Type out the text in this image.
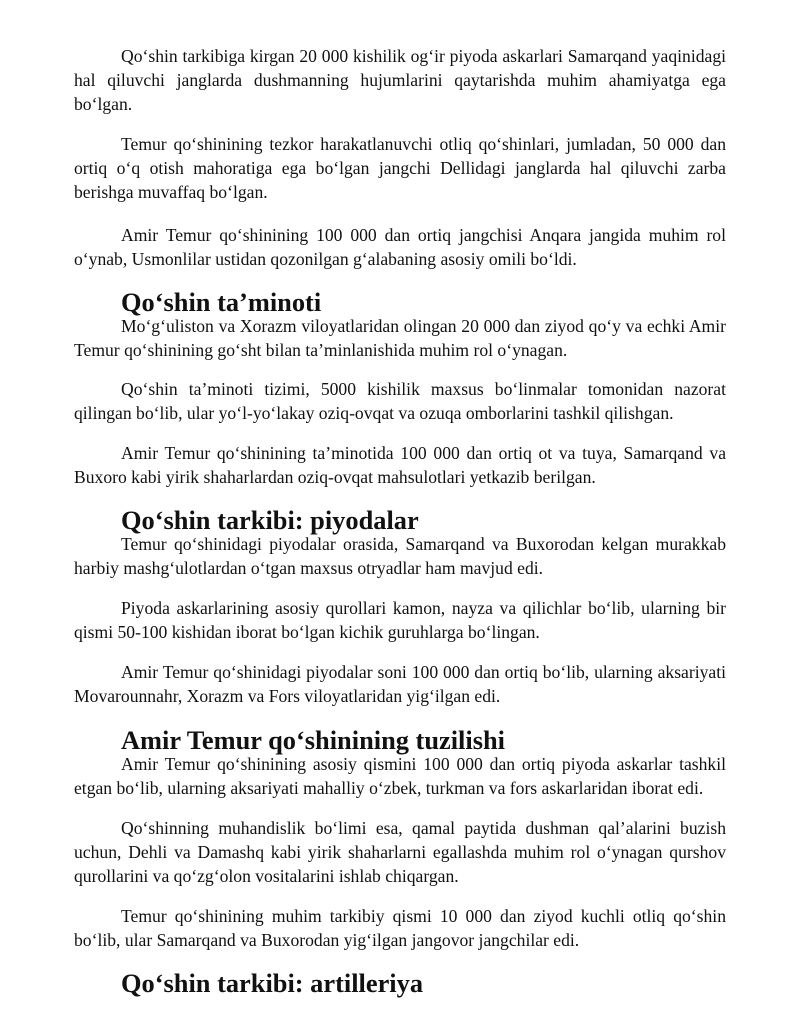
Qo‘shin tarkibiga kirgan 20 000 kishilik og‘ir piyoda askarlari Samarqand yaqinidagi hal qiluvchi janglarda dushmanning hujumlarini qaytarishda muhim ahamiyatga ega bo‘lgan.

Temur qo‘shinining tezkor harakatlanuvchi otliq qo‘shinlari, jumladan, 50 000 dan ortiq o‘q otish mahoratiga ega bo‘lgan jangchi Dellidagi janglarda hal qiluvchi zarba berishga muvaffaq bo‘lgan.

Amir Temur qo‘shinining 100 000 dan ortiq jangchisi Anqara jangida muhim rol o‘ynab, Usmonlilar ustidan qozonilgan g‘alabaning asosiy omili bo‘ldi.

Qo‘shin ta’minoti

Mo‘g‘uliston va Xorazm viloyatlaridan olingan 20 000 dan ziyod qo‘y va echki Amir Temur qo‘shinining go‘sht bilan ta’minlanishida muhim rol o‘ynagan.

Qo‘shin ta’minoti tizimi, 5000 kishilik maxsus bo‘linmalar tomonidan nazorat qilingan bo‘lib, ular yo‘l-yo‘lakay oziq-ovqat va ozuqa omborlarini tashkil qilishgan.

Amir Temur qo‘shinining ta’minotida 100 000 dan ortiq ot va tuya, Samarqand va Buxoro kabi yirik shaharlardan oziq-ovqat mahsulotlari yetkazib berilgan.

Qo‘shin tarkibi: piyodalar

Temur qo‘shinidagi piyodalar orasida, Samarqand va Buxorodan kelgan murakkab harbiy mashg‘ulotlardan o‘tgan maxsus otryadlar ham mavjud edi.

Piyoda askarlarining asosiy qurollari kamon, nayza va qilichlar bo‘lib, ularning bir qismi 50-100 kishidan iborat bo‘lgan kichik guruhlarga bo‘lingan.

Amir Temur qo‘shinidagi piyodalar soni 100 000 dan ortiq bo‘lib, ularning aksariyati Movarounnahr, Xorazm va Fors viloyatlaridan yig‘ilgan edi.

Amir Temur qo‘shinining tuzilishi

Amir Temur qo‘shinining asosiy qismini 100 000 dan ortiq piyoda askarlar tashkil etgan bo‘lib, ularning aksariyati mahalliy o‘zbek, turkman va fors askarlaridan iborat edi.

Qo‘shinning muhandislik bo‘limi esa, qamal paytida dushman qal’alarini buzish uchun, Dehli va Damashq kabi yirik shaharlarni egallashda muhim rol o‘ynagan qurshov qurollarini va qo‘zg‘olon vositalarini ishlab chiqargan.

Temur qo‘shinining muhim tarkibiy qismi 10 000 dan ziyod kuchli otliq qo‘shin bo‘lib, ular Samarqand va Buxorodan yig‘ilgan jangovor jangchilar edi.

Qo‘shin tarkibi: artilleriya
